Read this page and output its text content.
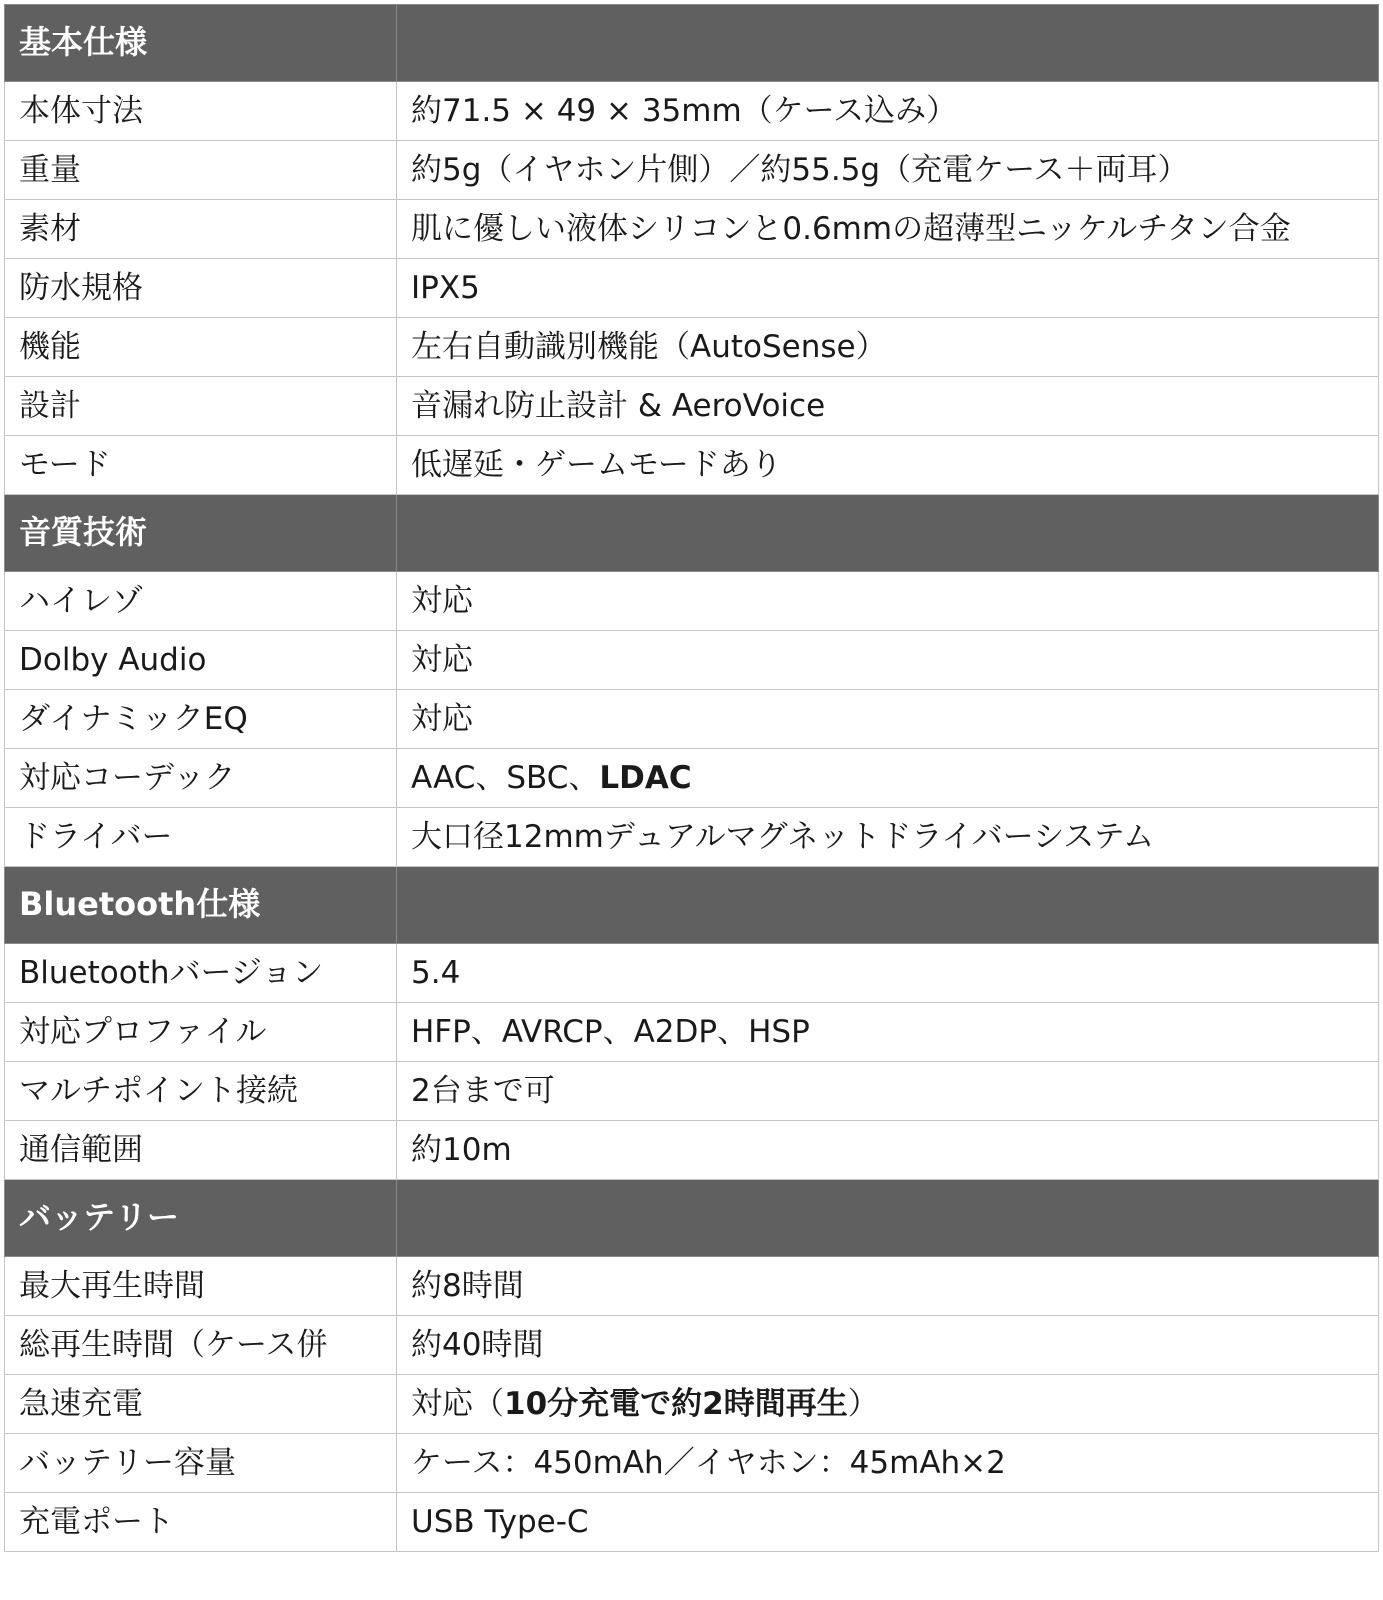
基本仕様	
本体寸法	約71.5 × 49 × 35mm（ケース込み）
重量	約5g（イヤホン片側）／約55.5g（充電ケース＋両耳）
素材	肌に優しい液体シリコンと0.6mmの超薄型ニッケルチタン合金
防水規格	IPX5
機能	左右自動識別機能（AutoSense）
設計	音漏れ防止設計 & AeroVoice
モード	低遅延・ゲームモードあり
音質技術	
ハイレゾ	対応
Dolby Audio	対応
ダイナミックEQ	対応
対応コーデック	AAC、SBC、LDAC
ドライバー	大口径12mmデュアルマグネットドライバーシステム
Bluetooth仕様	
Bluetoothバージョン	5.4
対応プロファイル	HFP、AVRCP、A2DP、HSP
マルチポイント接続	2台まで可
通信範囲	約10m
バッテリー	
最大再生時間	約8時間
総再生時間（ケース併	約40時間
急速充電	対応（10分充電で約2時間再生）
バッテリー容量	ケース：450mAh／イヤホン：45mAh×2
充電ポート	USB Type-C
